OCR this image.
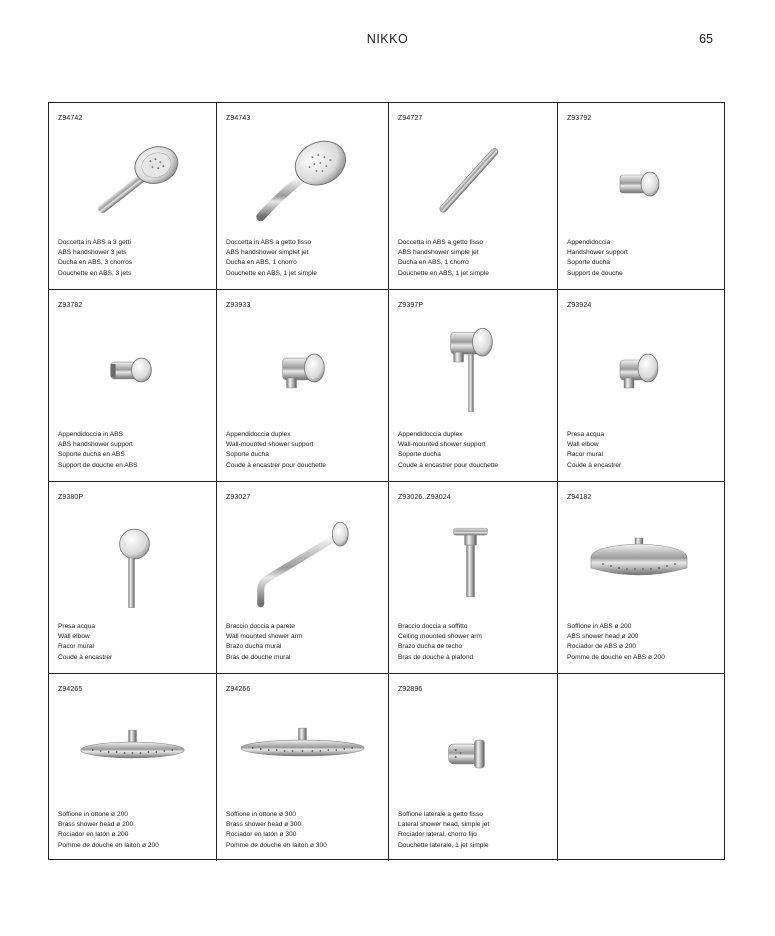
NIKKO	65
Z94742
Doccetta in ABS a 3 getti
ABS handshower 3 jets
Ducha en ABS, 3 chorros
Douchette en ABS, 3 jets
Z94743
Doccetta in ABS a getto fisso
ABS handshower simplet jet
Ducha en ABS, 1 chorro
Douchette en ABS, 1 jet simple
Z94727
Doccetta in ABS a getto fisso
ABS handshower simple jet
Ducha en ABS, 1 chorro
Douchette en ABS, 1 jet simple
Z93792
Appendidoccia
Handshower support
Soporte ducha
Support de douche
Z93782
Appendidoccia in ABS
ABS handshower support
Soporte ducha en ABS
Support de douche en ABS
Z93933
Appendidoccia duplex
Wall-mounted shower support
Soporte ducha
Coude à encastrer pour douchette
Z9397P
Appendidoccia duplex
Wall-mounted shower support
Soporte ducha
Coude à encastrer pour douchette
Z93924
Presa acqua
Wall elbow
Racor mural
Coude à encastrer
Z9380P
Presa acqua
Wall elbow
Racor mural
Coude à encastrer
Z93027
Braccio doccia a parete
Wall mounted shower arm
Brazo ducha mural
Bras de douche mural
Z93026..Z93024
Braccio doccia a soffitto
Ceiling mounted shower arm
Brazo ducha de techo
Bras de douche à plafond
Z94182
Soffione in ABS ø 200
ABS shower head ø 200
Rociador de ABS ø 200
Pomme de douche en ABS ø 200
Z94265
Soffione in ottone ø 200
Brass shower head ø 200
Rociador en latón ø 200
Pomme de douche en laiton ø 200
Z94266
Soffione in ottone ø 300
Brass shower head ø 300
Rociador en latón ø 300
Pomme de douche en laiton ø 300
Z92896
Soffione laterale a getto fisso
Lateral shower head, simple jet
Rociador lateral, chorro fijo
Douchette laterale, 1 jet simple
